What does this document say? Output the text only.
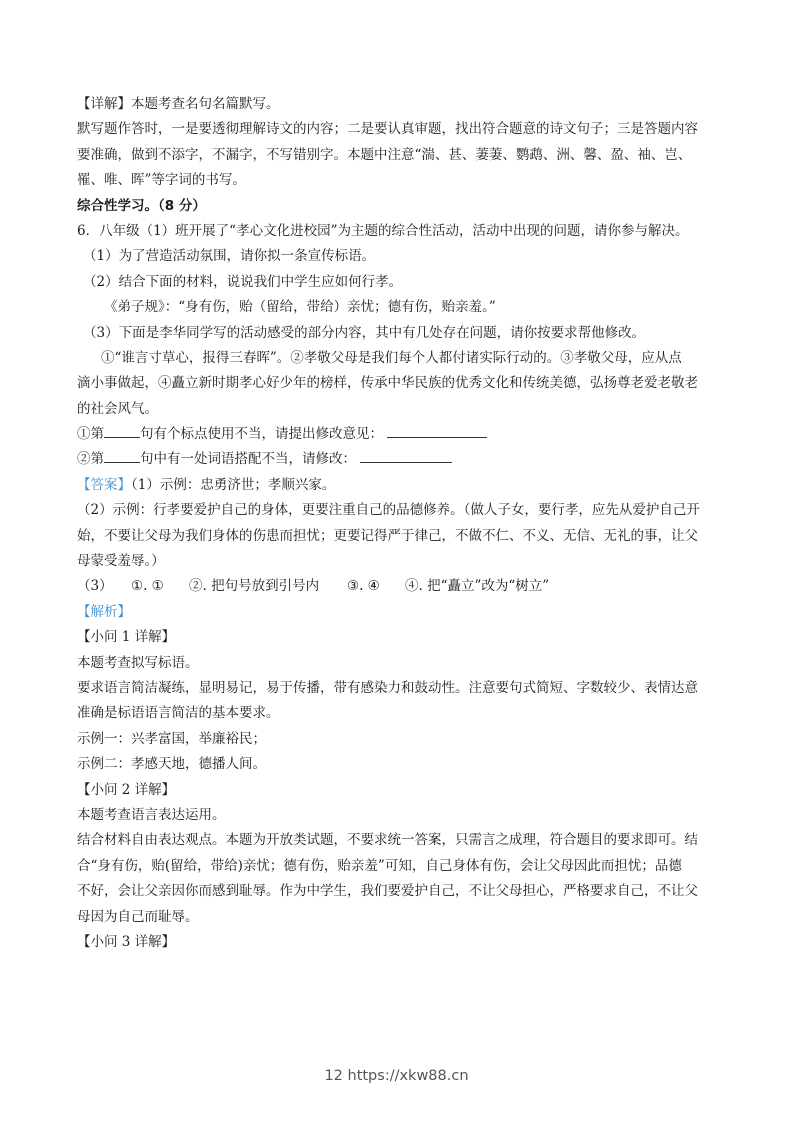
【详解】本题考查名句名篇默写。
默写题作答时，一是要透彻理解诗文的内容；二是要认真审题，找出符合题意的诗文句子；三是答题内容
要准确，做到不添字，不漏字，不写错别字。本题中注意“湍、甚、萋萋、鹦鹉、洲、馨、盈、袖、岂、
罹、唯、晖”等字词的书写。
综合性学习。（8 分）
6．八年级（1）班开展了“孝心文化进校园”为主题的综合性活动，活动中出现的问题，请你参与解决。
（1）为了营造活动氛围，请你拟一条宣传标语。
（2）结合下面的材料，说说我们中学生应如何行孝。
《弟子规》：“身有伤，贻（留给，带给）亲忧；德有伤，贻亲羞。”
（3）下面是李华同学写的活动感受的部分内容，其中有几处存在问题，请你按要求帮他修改。
①“谁言寸草心，报得三春晖”。②孝敬父母是我们每个人都付诸实际行动的。③孝敬父母，应从点
滴小事做起，④矗立新时期孝心好少年的榜样，传承中华民族的优秀文化和传统美德，弘扬尊老爱老敬老
的社会风气。
①第	句有个标点使用不当，请提出修改意见：
②第	句中有一处词语搭配不当，请修改：
【答案】（1）示例：忠勇济世；孝顺兴家。
（2）示例：行孝要爱护自己的身体，更要注重自己的品德修养。（做人子女，要行孝，应先从爱护自己开
始，不要让父母为我们身体的伤患而担忧；更要记得严于律己，不做不仁、不义、无信、无礼的事，让父
母蒙受羞辱。）
（3） ①. ① ②. 把句号放到引号内 ③. ④ ④. 把“矗立”改为“树立”
【解析】
【小问 1 详解】
本题考查拟写标语。
要求语言简洁凝练，显明易记，易于传播，带有感染力和鼓动性。注意要句式简短、字数较少、表情达意
准确是标语语言简洁的基本要求。
示例一：兴孝富国，举廉裕民；
示例二：孝感天地，德播人间。
【小问 2 详解】
本题考查语言表达运用。
结合材料自由表达观点。本题为开放类试题，不要求统一答案，只需言之成理，符合题目的要求即可。结
合“身有伤，贻(留给，带给)亲忧；德有伤，贻亲羞”可知，自己身体有伤，会让父母因此而担忧；品德
不好，会让父亲因你而感到耻辱。作为中学生，我们要爱护自己，不让父母担心，严格要求自己，不让父
母因为自己而耻辱。
【小问 3 详解】
12 https://xkw88.cn
